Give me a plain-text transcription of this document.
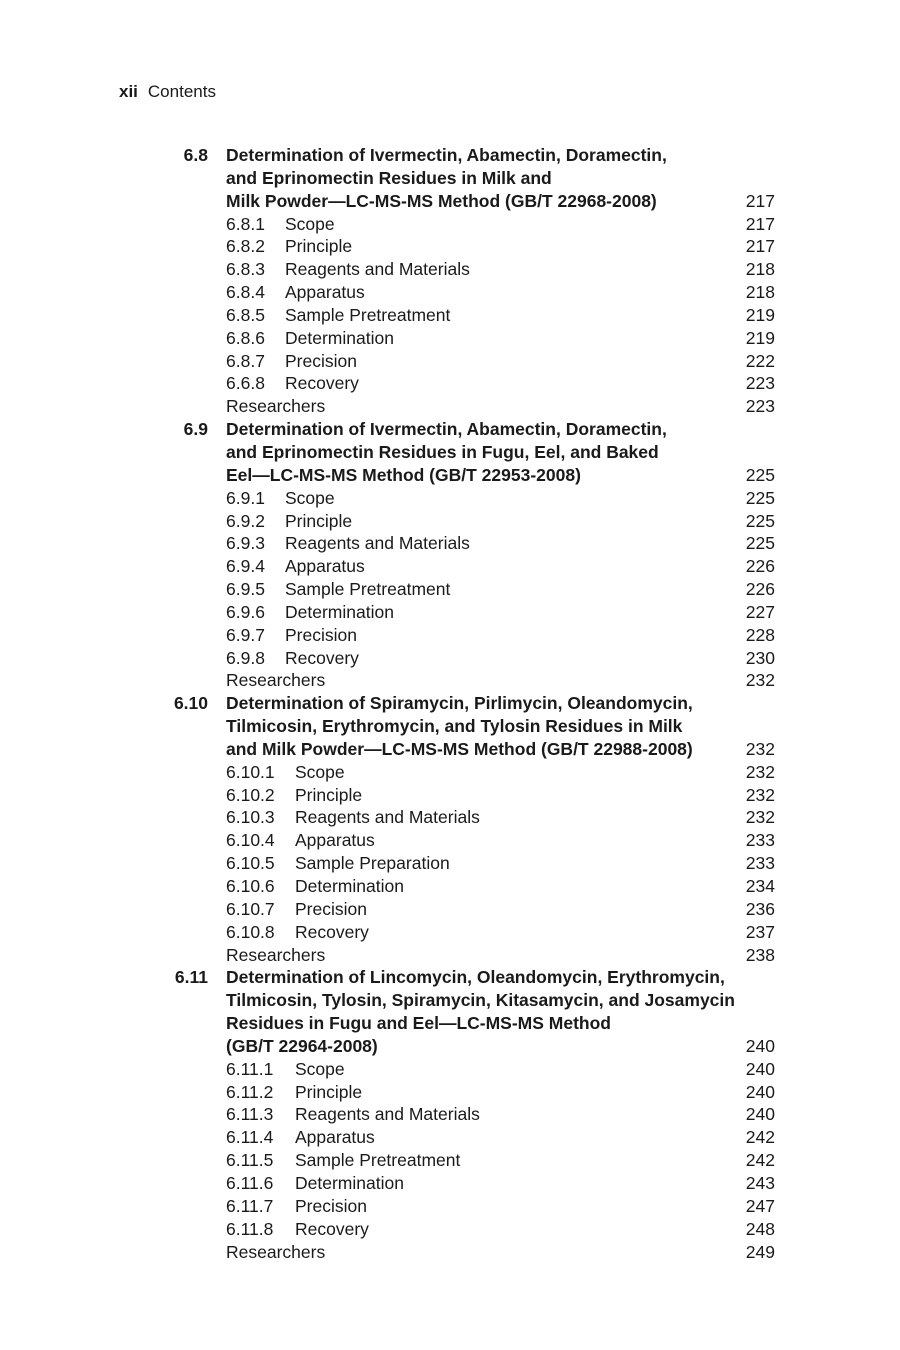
xii Contents
6.8 Determination of Ivermectin, Abamectin, Doramectin,
and Eprinomectin Residues in Milk and
Milk Powder—LC-MS-MS Method (GB/T 22968-2008)	217
6.8.1 Scope	217
6.8.2 Principle	217
6.8.3 Reagents and Materials	218
6.8.4 Apparatus	218
6.8.5 Sample Pretreatment	219
6.8.6 Determination	219
6.8.7 Precision	222
6.6.8 Recovery	223
Researchers	223
6.9 Determination of Ivermectin, Abamectin, Doramectin,
and Eprinomectin Residues in Fugu, Eel, and Baked
Eel—LC-MS-MS Method (GB/T 22953-2008)	225
6.9.1 Scope	225
6.9.2 Principle	225
6.9.3 Reagents and Materials	225
6.9.4 Apparatus	226
6.9.5 Sample Pretreatment	226
6.9.6 Determination	227
6.9.7 Precision	228
6.9.8 Recovery	230
Researchers	232
6.10 Determination of Spiramycin, Pirlimycin, Oleandomycin,
Tilmicosin, Erythromycin, and Tylosin Residues in Milk
and Milk Powder—LC-MS-MS Method (GB/T 22988-2008)	232
6.10.1 Scope	232
6.10.2 Principle	232
6.10.3 Reagents and Materials	232
6.10.4 Apparatus	233
6.10.5 Sample Preparation	233
6.10.6 Determination	234
6.10.7 Precision	236
6.10.8 Recovery	237
Researchers	238
6.11 Determination of Lincomycin, Oleandomycin, Erythromycin,
Tilmicosin, Tylosin, Spiramycin, Kitasamycin, and Josamycin
Residues in Fugu and Eel—LC-MS-MS Method
(GB/T 22964-2008)	240
6.11.1 Scope	240
6.11.2 Principle	240
6.11.3 Reagents and Materials	240
6.11.4 Apparatus	242
6.11.5 Sample Pretreatment	242
6.11.6 Determination	243
6.11.7 Precision	247
6.11.8 Recovery	248
Researchers	249
